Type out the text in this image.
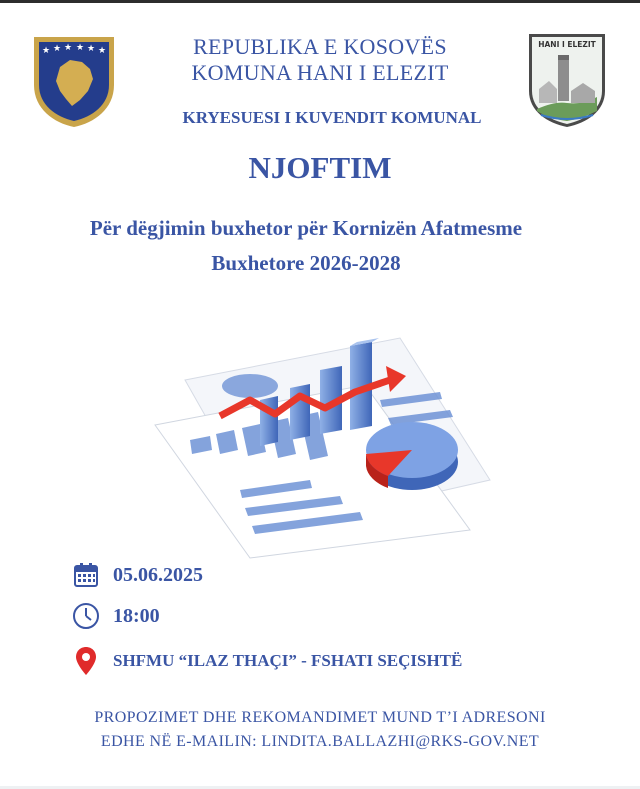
★ ★ ★ ★ ★ ★
HANI I ELEZIT
REPUBLIKA E KOSOVËS
KOMUNA HANI I ELEZIT
KRYESUESI I KUVENDIT KOMUNAL
NJOFTIM
Për dëgjimin buxhetor për Kornizën Afatmesme
Buxhetore 2026-2028
05.06.2025
18:00
SHFMU “ILAZ THAÇI” - FSHATI SEÇISHTË
PROPOZIMET DHE REKOMANDIMET MUND T’I ADRESONI
EDHE NË E-MAILIN: LINDITA.BALLAZHI@RKS-GOV.NET
